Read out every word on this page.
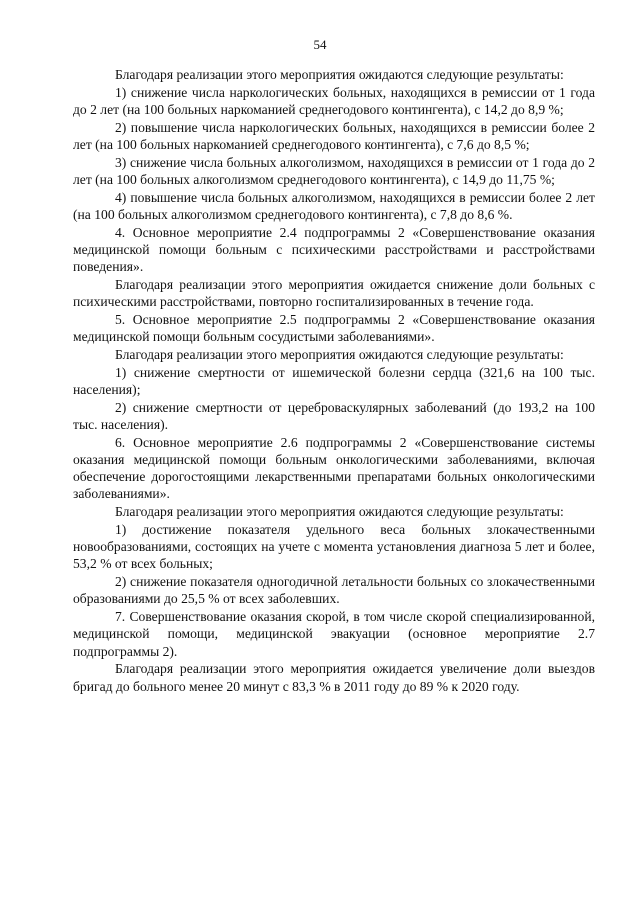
54

Благодаря реализации этого мероприятия ожидаются следующие результаты:

1) снижение числа наркологических больных, находящихся в ремиссии от 1 года до 2 лет (на 100 больных наркоманией среднегодового контингента), с 14,2 до 8,9 %;

2) повышение числа наркологических больных, находящихся в ремиссии более 2 лет (на 100 больных наркоманией среднегодового контингента), с 7,6 до 8,5 %;

3) снижение числа больных алкоголизмом, находящихся в ремиссии от 1 года до 2 лет (на 100 больных алкоголизмом среднегодового контингента), с 14,9 до 11,75 %;

4) повышение числа больных алкоголизмом, находящихся в ремиссии более 2 лет (на 100 больных алкоголизмом среднегодового контингента), с 7,8 до 8,6 %.

4. Основное мероприятие 2.4 подпрограммы 2 «Совершенствование оказания медицинской помощи больным с психическими расстройствами и расстройствами поведения».

Благодаря реализации этого мероприятия ожидается снижение доли больных с психическими расстройствами, повторно госпитализированных в течение года.

5. Основное мероприятие 2.5 подпрограммы 2 «Совершенствование оказания медицинской помощи больным сосудистыми заболеваниями».

Благодаря реализации этого мероприятия ожидаются следующие результаты:

1) снижение смертности от ишемической болезни сердца (321,6 на 100 тыс. населения);

2) снижение смертности от цереброваскулярных заболеваний (до 193,2 на 100 тыс. населения).

6. Основное мероприятие 2.6 подпрограммы 2 «Совершенствование системы оказания медицинской помощи больным онкологическими заболеваниями, включая обеспечение дорогостоящими лекарственными препаратами больных онкологическими заболеваниями».

Благодаря реализации этого мероприятия ожидаются следующие результаты:

1) достижение показателя удельного веса больных злокачественными новообразованиями, состоящих на учете с момента установления диагноза 5 лет и более, 53,2 % от всех больных;

2) снижение показателя одногодичной летальности больных со злокачественными образованиями до 25,5 % от всех заболевших.

7. Совершенствование оказания скорой, в том числе скорой специализированной, медицинской помощи, медицинской эвакуации (основное мероприятие 2.7 подпрограммы 2).

Благодаря реализации этого мероприятия ожидается увеличение доли выездов бригад до больного менее 20 минут с 83,3 % в 2011 году до 89 % к 2020 году.
